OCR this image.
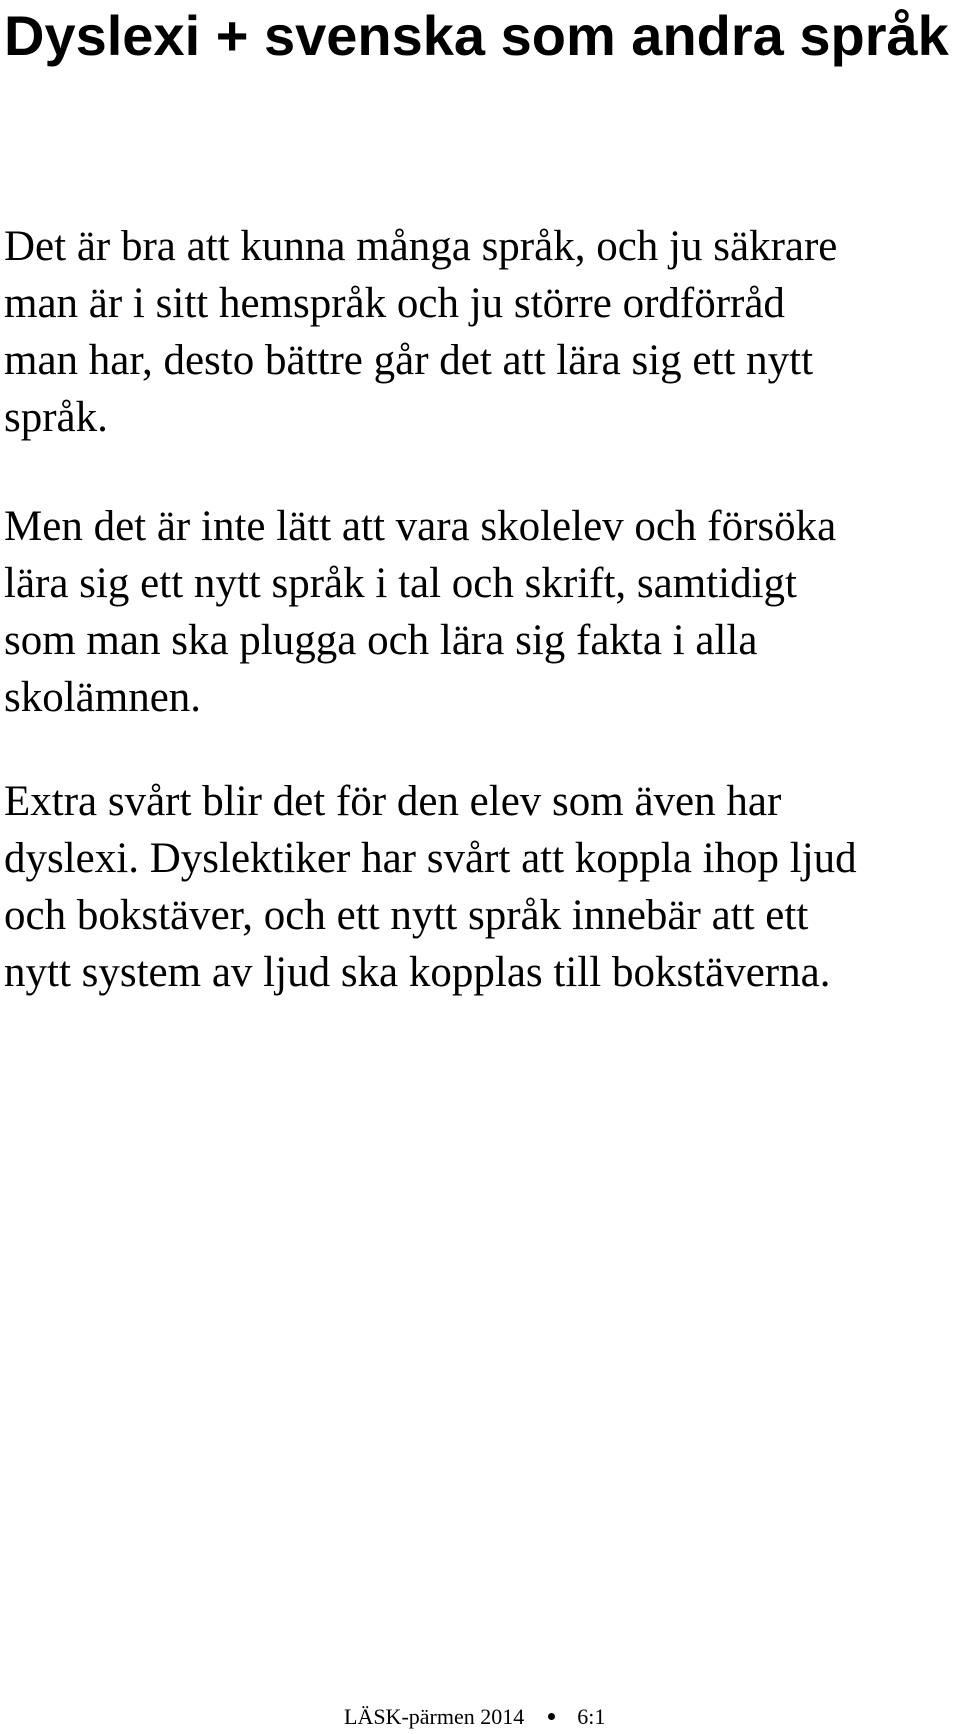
Dyslexi + svenska som andra språk
Det är bra att kunna många språk, och ju säkrare
man är i sitt hemspråk och ju större ordförråd
man har, desto bättre går det att lära sig ett nytt
språk.
Men det är inte lätt att vara skolelev och försöka
lära sig ett nytt språk i tal och skrift, samtidigt
som man ska plugga och lära sig fakta i alla
skolämnen.
Extra svårt blir det för den elev som även har
dyslexi. Dyslektiker har svårt att koppla ihop ljud
och bokstäver, och ett nytt språk innebär att ett
nytt system av ljud ska kopplas till bokstäverna.
LÄSK-pärmen 2014 6:1
